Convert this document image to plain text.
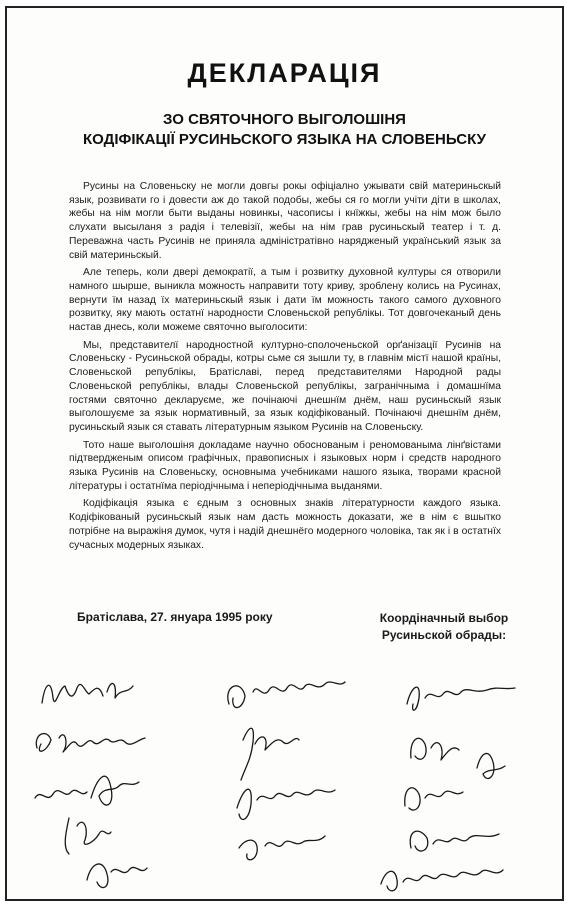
ДЕКЛАРАЦІЯ
ЗО СВЯТОЧНОГО ВЫГОЛОШІНЯ
КОДІФІКАЦІЇ РУСИНЬСКОГО ЯЗЫКА НА СЛОВЕНЬСКУ

Русины на Словеньску не могли довгы рокы офіціално ужывати свій материньскый язык, розвивати го і довести аж до такой подобы, жебы ся го могли учіти діти в школах, жебы на нім могли быти выданы новинкы, часописы і кнїжкы, жебы на нім мож было слухати высыланя з радія і телевізії, жебы на нім грав русиньскый театер і т. д. Переважна часть Русинів не приняла адміністратівно нарядженый український язык за свій материньскый.

Але теперь, коли двері демократії, а тым і розвитку духовной културы ся отворили намного шырше, выникла можность направити тоту криву, зроблену колись на Русинах, вернути їм назад їх материньскый язык і дати їм можность такого самого духовного розвитку, яку мають остатнї народности Словеньской републікы. Тот довгочеканый день настав днесь, коли можеме святочно выголосити:

Мы, представителї народностной културно-сполоченьской орґанізації Русинів на Словеньску - Русиньской обрады, котры сьме ся зышли ту, в главнім містї нашой країны, Словеньской републікы, Братіславі, перед представителями Народной рады Словеньской републікы, влады Словеньской републікы, загранічныма і домашнїма гостями святочно декларуєме, же почінаючі днешнїм днём, наш русиньскый язык выголошуєме за язык нормативный, за язык кодіфікованый. Почінаючі днешнїм днём, русиньскый язык ся ставать літературным языком Русинів на Словеньску.

Тото наше выголошіня докладаме научно обоснованым і реномованыма лінґвістами підтвердженым описом графічных, правописных і языковых норм і средств народного языка Русинів на Словеньску, основныма учебниками нашого языка, творами красной літературы і остатнїма періодічныма і неперіодічныма выданями.

Кодіфікація языка є єдным з основных знаків літературности каждого языка. Кодіфікованый русиньскый язык нам дасть можность доказати, же в нім є вшытко потрібне на выражіня думок, чутя і надій днешнёго модерного чоловіка, так як і в остатнїх сучасных модерных языках.

Братіслава, 27. януара 1995 року	Коордіначный выбор
Русиньской обрады:
